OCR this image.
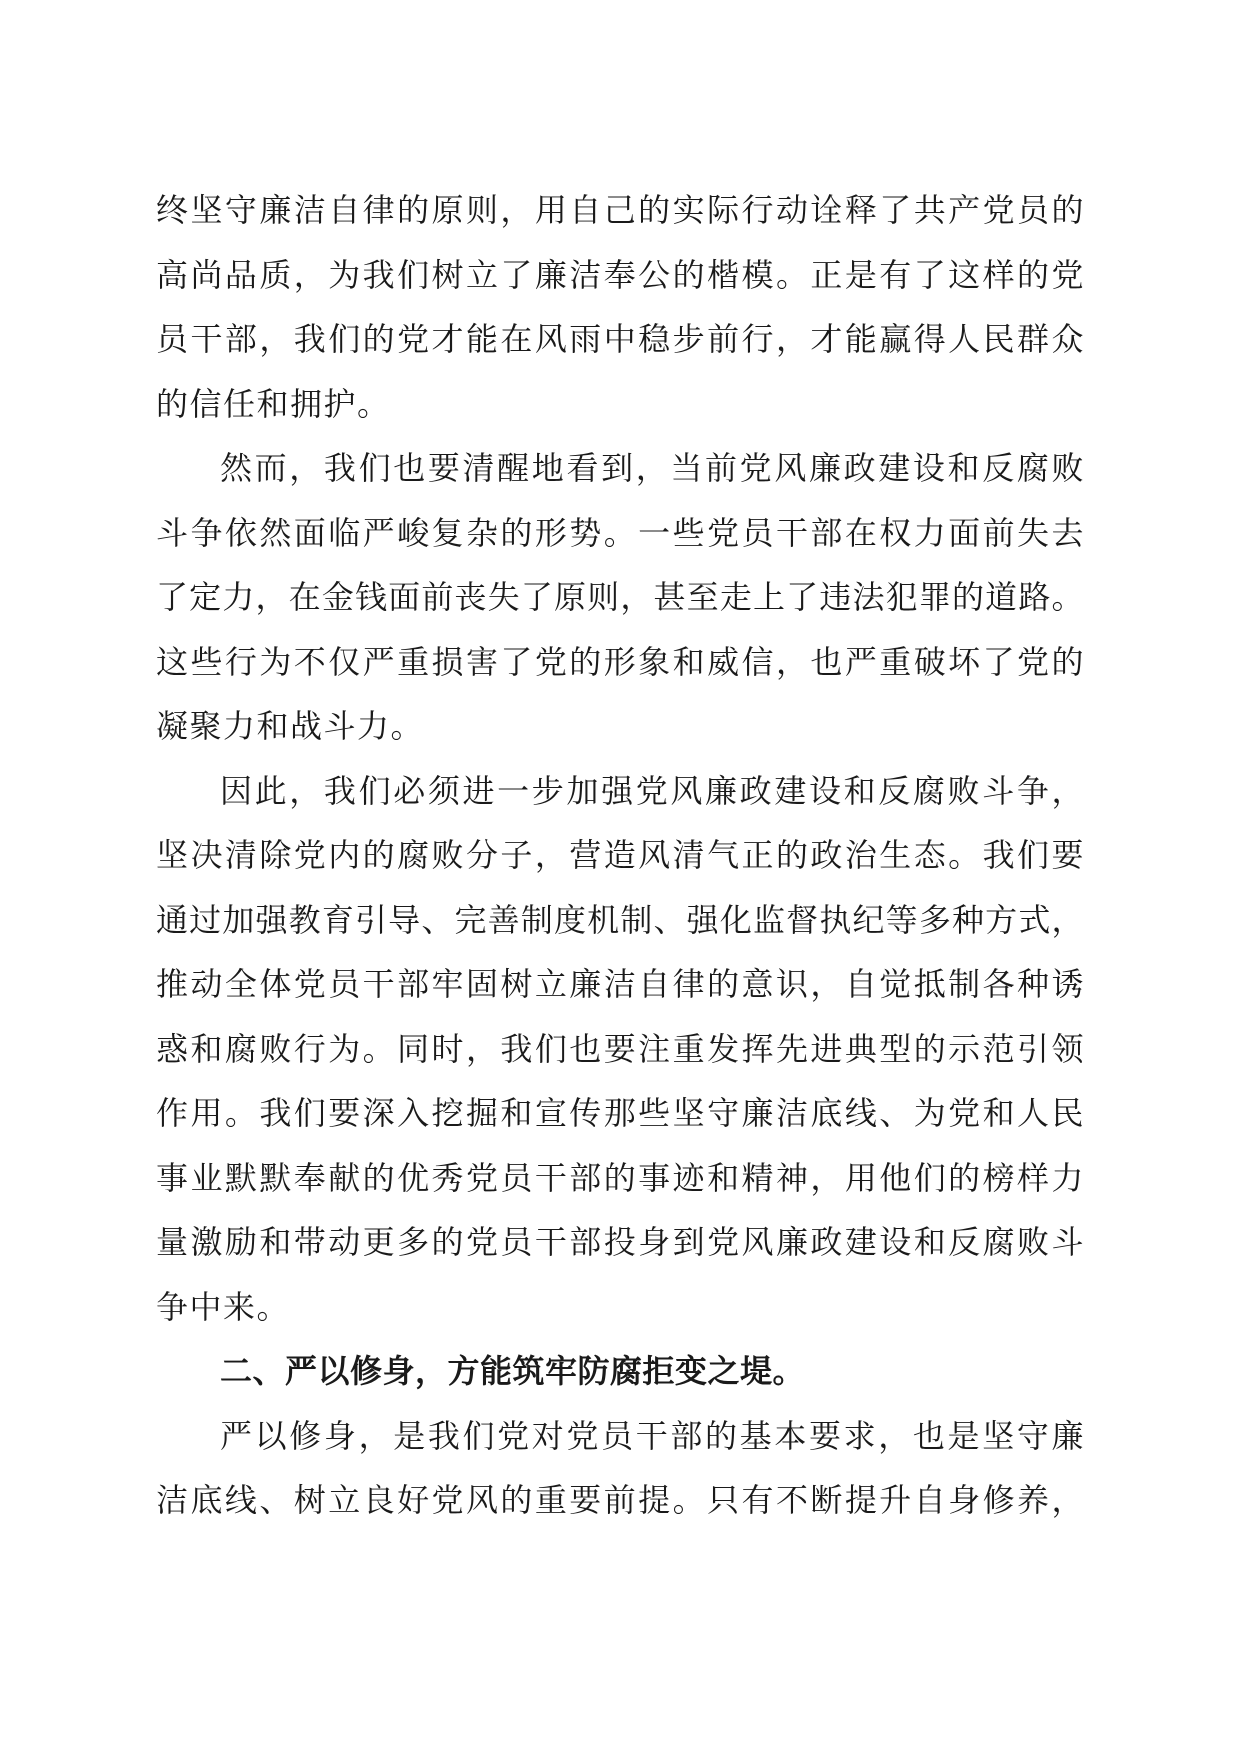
终坚守廉洁自律的原则，用自己的实际行动诠释了共产党员的
高尚品质，为我们树立了廉洁奉公的楷模。正是有了这样的党
员干部，我们的党才能在风雨中稳步前行，才能赢得人民群众
的信任和拥护。
然而，我们也要清醒地看到，当前党风廉政建设和反腐败
斗争依然面临严峻复杂的形势。一些党员干部在权力面前失去
了定力，在金钱面前丧失了原则，甚至走上了违法犯罪的道路。
这些行为不仅严重损害了党的形象和威信，也严重破坏了党的
凝聚力和战斗力。
因此，我们必须进一步加强党风廉政建设和反腐败斗争，
坚决清除党内的腐败分子，营造风清气正的政治生态。我们要
通过加强教育引导、完善制度机制、强化监督执纪等多种方式，
推动全体党员干部牢固树立廉洁自律的意识，自觉抵制各种诱
惑和腐败行为。同时，我们也要注重发挥先进典型的示范引领
作用。我们要深入挖掘和宣传那些坚守廉洁底线、为党和人民
事业默默奉献的优秀党员干部的事迹和精神，用他们的榜样力
量激励和带动更多的党员干部投身到党风廉政建设和反腐败斗
争中来。
二、严以修身，方能筑牢防腐拒变之堤。
严以修身，是我们党对党员干部的基本要求，也是坚守廉
洁底线、树立良好党风的重要前提。只有不断提升自身修养，
